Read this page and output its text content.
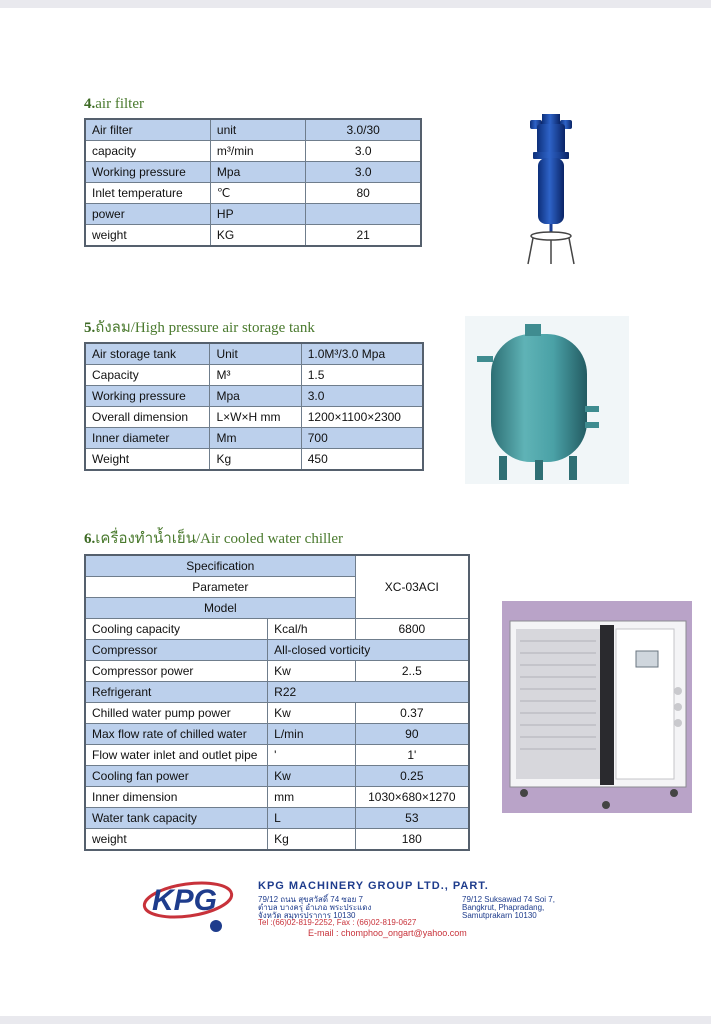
4.air filter
Air filter	unit	3.0/30
capacity	m³/min	3.0
Working pressure	Mpa	3.0
Inlet temperature	℃	80
power	HP	
weight	KG	21
5.ถังลม/High pressure air storage tank
Air storage tank	Unit	1.0M³/3.0 Mpa
Capacity	M³	1.5
Working pressure	Mpa	3.0
Overall dimension	L×W×H mm	1200×1100×2300
Inner diameter	Mm	700
Weight	Kg	450
6.เครื่องทำน้ำเย็น/Air cooled water chiller
Specification		XC-03ACI
Parameter		
Model		
Cooling capacity	Kcal/h	6800
Compressor	All-closed vorticity	
Compressor power	Kw	2..5
Refrigerant	R22	
Chilled water pump power	Kw	0.37
Max flow rate of chilled water	L/min	90
Flow water inlet and outlet pipe	'	1'
Cooling fan power	Kw	0.25
Inner dimension	mm	1030×680×1270
Water tank capacity	L	53
weight	Kg	180
KPG	KPG MACHINERY GROUP LTD., PART.
79/12 ถนน สุขสวัสดิ์ 74 ซอย 7
ตำบล บางครุ อำเภอ พระประแดง
จังหวัด สมุทรปราการ 10130
79/12 Suksawad 74 Soi 7,
Bangkrut, Phapradang,
Samutprakarn 10130
Tel :(66)02-819-2252, Fax : (66)02-819-0627
E-mail : chomphoo_ongart@yahoo.com
